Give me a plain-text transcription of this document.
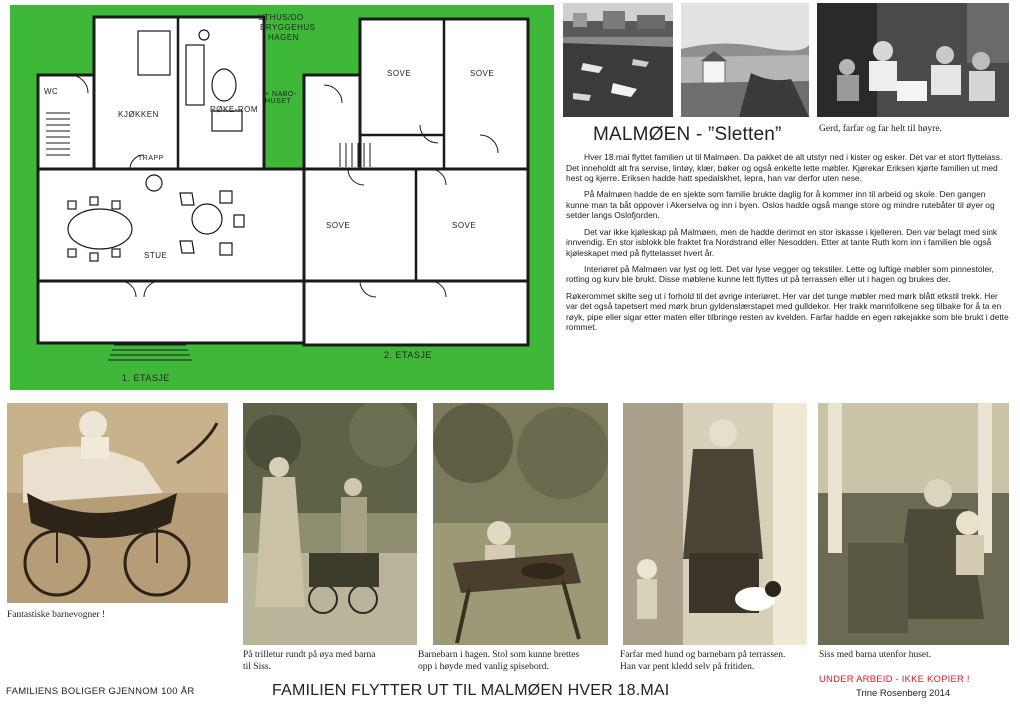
UTHUS/DO
BRYGGEHUS
HAGEN
WC
KJØKKEN
RØKE-ROM
TRAPP
STUE
+ NABO-
HUSET
SOVE	SOVE
SOVE	SOVE
1. ETASJE
2. ETASJE
Gerd, farfar og far helt til høyre.
MALMØEN - ”Sletten”

Hver 18.mai flyttet familien ut til Malmøen. Da pakket de alt utstyr ned i kister og esker. Det var et stort flyttelass. Det inneholdt alt fra servise, lintøy, klær, bøker og også enkelte lette møbler. Kjørekar Eriksen kjørte familien ut med hest og kjerre. Eriksen hadde hatt spedalskhet, lepra, han var derfor uten nese.

På Malmøen hadde de en sjekte som familie brukte daglig for å kommer inn til arbeid og skole. Den gangen kunne man ta båt oppover i Akerselva og inn i byen. Oslos hadde også mange store og mindre rutebåter til øyer og setder langs Oslofjorden.

Det var ikke kjøleskap på Malmøen, men de hadde derimot en stor iskasse i kjelleren. Den var belagt med sink innvendig. En stor isblokk ble fraktet fra Nordstrand eller Nesodden. Etter at tante Ruth kom inn i familien ble også kjøleskapet med på flyttelasset hvert år.

Interiøret på Malmøen var lyst og lett. Det var lyse vegger og tekstiler. Lette og luftige møbler som pinnestoler, rotting og kurv ble brukt. Disse møblene kunne lett flyttes ut på terrassen eller ut i hagen og brukes der.

Røkerommet skilte seg ut i forhold til det øvrige interiøret. Her var det tunge møbler med mørk blått etkstil trekk. Her var det også tapetsert med mørk brun gyldenslærstapet med gulldekor. Her trakk mannfolkene seg tilbake for å ta en røyk, pipe eller sigar etter maten eller tilbringe resten av kvelden. Farfar hadde en egen røkejakke som ble brukt i dette rommet.

Fantastiske barnevogner !
På trilletur rundt på øya med barna
til Siss.
Barnebarn i hagen. Stol som kunne brettes
opp i høyde med vanlig spisebord.
Farfar med hund og barnebarn på terrassen.
Han var pent kledd selv på fritiden.
Siss med barna utenfor huset.
FAMILIENS BOLIGER GJENNOM 100 ÅR	FAMILIEN FLYTTER UT TIL MALMØEN HVER 18.MAI
UNDER ARBEID - IKKE KOPIER !
Trine Rosenberg 2014
